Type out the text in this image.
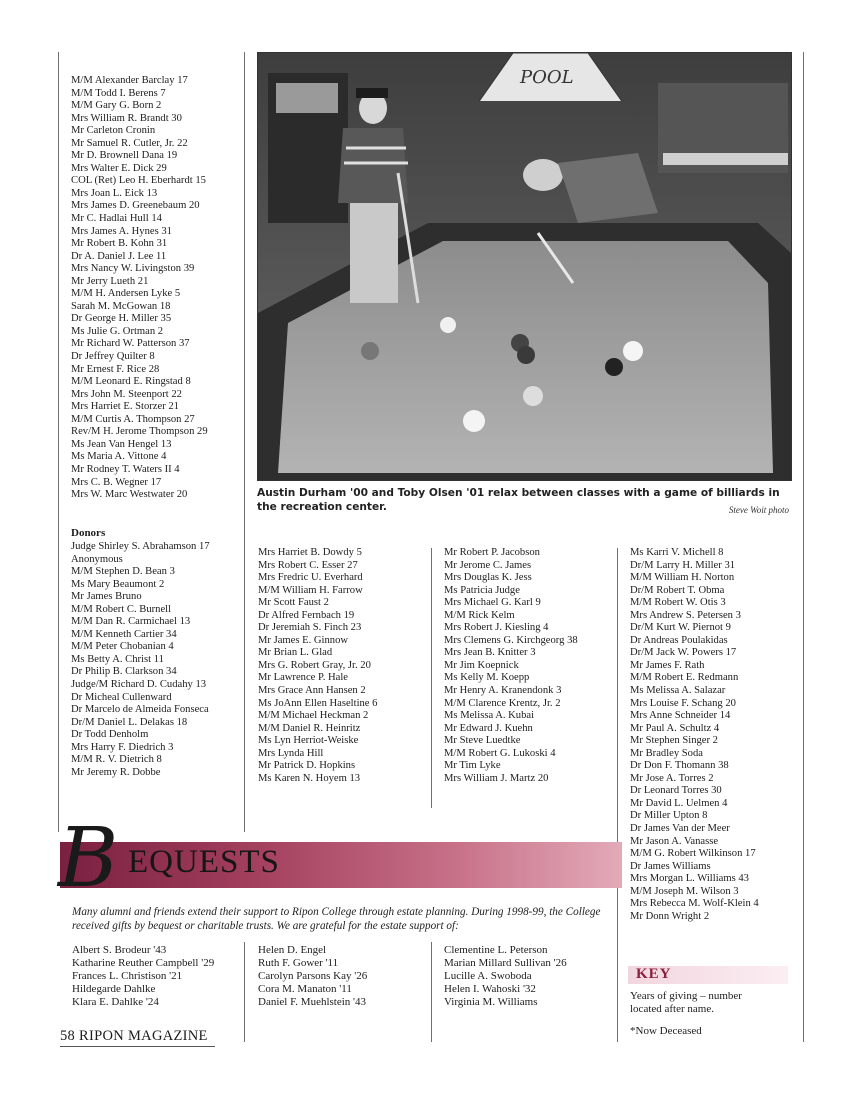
M/M Alexander Barclay 17
M/M Todd I. Berens 7
M/M Gary G. Born 2
Mrs William R. Brandt 30
Mr Carleton Cronin
Mr Samuel R. Cutler, Jr. 22
Mr D. Brownell Dana 19
Mrs Walter E. Dick 29
COL (Ret) Leo H. Eberhardt 15
Mrs Joan L. Eick 13
Mrs James D. Greenebaum 20
Mr C. Hadlai Hull 14
Mrs James A. Hynes 31
Mr Robert B. Kohn 31
Dr A. Daniel J. Lee 11
Mrs Nancy W. Livingston 39
Mr Jerry Lueth 21
M/M H. Andersen Lyke 5
Sarah M. McGowan 18
Dr George H. Miller 35
Ms Julie G. Ortman 2
Mr Richard W. Patterson 37
Dr Jeffrey Quilter 8
Mr Ernest F. Rice 28
M/M Leonard E. Ringstad 8
Mrs John M. Steenport 22
Mrs Harriet E. Storzer 21
M/M Curtis A. Thompson 27
Rev/M H. Jerome Thompson 29
Ms Jean Van Hengel 13
Ms Maria A. Vittone 4
Mr Rodney T. Waters II 4
Mrs C. B. Wegner 17
Mrs W. Marc Westwater 20
POOL
Austin Durham '00 and Toby Olsen '01 relax between classes with a game of billiards in the recreation center.	Steve Woit photo
Donors
Judge Shirley S. Abrahamson 17
Anonymous
M/M Stephen D. Bean 3
Ms Mary Beaumont 2
Mr James Bruno
M/M Robert C. Burnell
M/M Dan R. Carmichael 13
M/M Kenneth Cartier 34
M/M Peter Chobanian 4
Ms Betty A. Christ 11
Dr Philip B. Clarkson 34
Judge/M Richard D. Cudahy 13
Dr Micheal Cullenward
Dr Marcelo de Almeida Fonseca
Dr/M Daniel L. Delakas 18
Dr Todd Denholm
Mrs Harry F. Diedrich 3
M/M R. V. Dietrich 8
Mr Jeremy R. Dobbe
Mrs Harriet B. Dowdy 5
Mrs Robert C. Esser 27
Mrs Fredric U. Everhard
M/M William H. Farrow
Mr Scott Faust 2
Dr Alfred Fernbach 19
Dr Jeremiah S. Finch 23
Mr James E. Ginnow
Mr Brian L. Glad
Mrs G. Robert Gray, Jr. 20
Mr Lawrence P. Hale
Mrs Grace Ann Hansen 2
Ms JoAnn Ellen Haseltine 6
M/M Michael Heckman 2
M/M Daniel R. Heinritz
Ms Lyn Herriot-Weiske
Mrs Lynda Hill
Mr Patrick D. Hopkins
Ms Karen N. Hoyem 13
Mr Robert P. Jacobson
Mr Jerome C. James
Mrs Douglas K. Jess
Ms Patricia Judge
Mrs Michael G. Karl 9
M/M Rick Kelm
Mrs Robert J. Kiesling 4
Mrs Clemens G. Kirchgeorg 38
Mrs Jean B. Knitter 3
Mr Jim Koepnick
Ms Kelly M. Koepp
Mr Henry A. Kranendonk 3
M/M Clarence Krentz, Jr. 2
Ms Melissa A. Kubai
Mr Edward J. Kuehn
Mr Steve Luedtke
M/M Robert G. Lukoski 4
Mr Tim Lyke
Mrs William J. Martz 20
Ms Karri V. Michell 8
Dr/M Larry H. Miller 31
M/M William H. Norton
Dr/M Robert T. Obma
M/M Robert W. Otis 3
Mrs Andrew S. Petersen 3
Dr/M Kurt W. Piernot 9
Dr Andreas Poulakidas
Dr/M Jack W. Powers 17
Mr James F. Rath
M/M Robert E. Redmann
Ms Melissa A. Salazar
Mrs Louise F. Schang 20
Mrs Anne Schneider 14
Mr Paul A. Schultz 4
Mr Stephen Singer 2
Mr Bradley Soda
Dr Don F. Thomann 38
Mr Jose A. Torres 2
Dr Leonard Torres 30
Mr David L. Uelmen 4
Dr Miller Upton 8
Dr James Van der Meer
Mr Jason A. Vanasse
M/M G. Robert Wilkinson 17
Dr James Williams
Mrs Morgan L. Williams 43
M/M Joseph M. Wilson 3
Mrs Rebecca M. Wolf-Klein 4
Mr Donn Wright 2
B EQUESTS
Many alumni and friends extend their support to Ripon College through estate planning. During 1998-99, the College received gifts by bequest or charitable trusts. We are grateful for the estate support of:
Albert S. Brodeur '43
Katharine Reuther Campbell '29
Frances L. Christison '21
Hildegarde Dahlke
Klara E. Dahlke '24
Helen D. Engel
Ruth F. Gower '11
Carolyn Parsons Kay '26
Cora M. Manaton '11
Daniel F. Muehlstein '43
Clementine L. Peterson
Marian Millard Sullivan '26
Lucille A. Swoboda
Helen I. Wahoski '32
Virginia M. Williams
KEY
Years of giving – number
located after name.
*Now Deceased
58 RIPON MAGAZINE
